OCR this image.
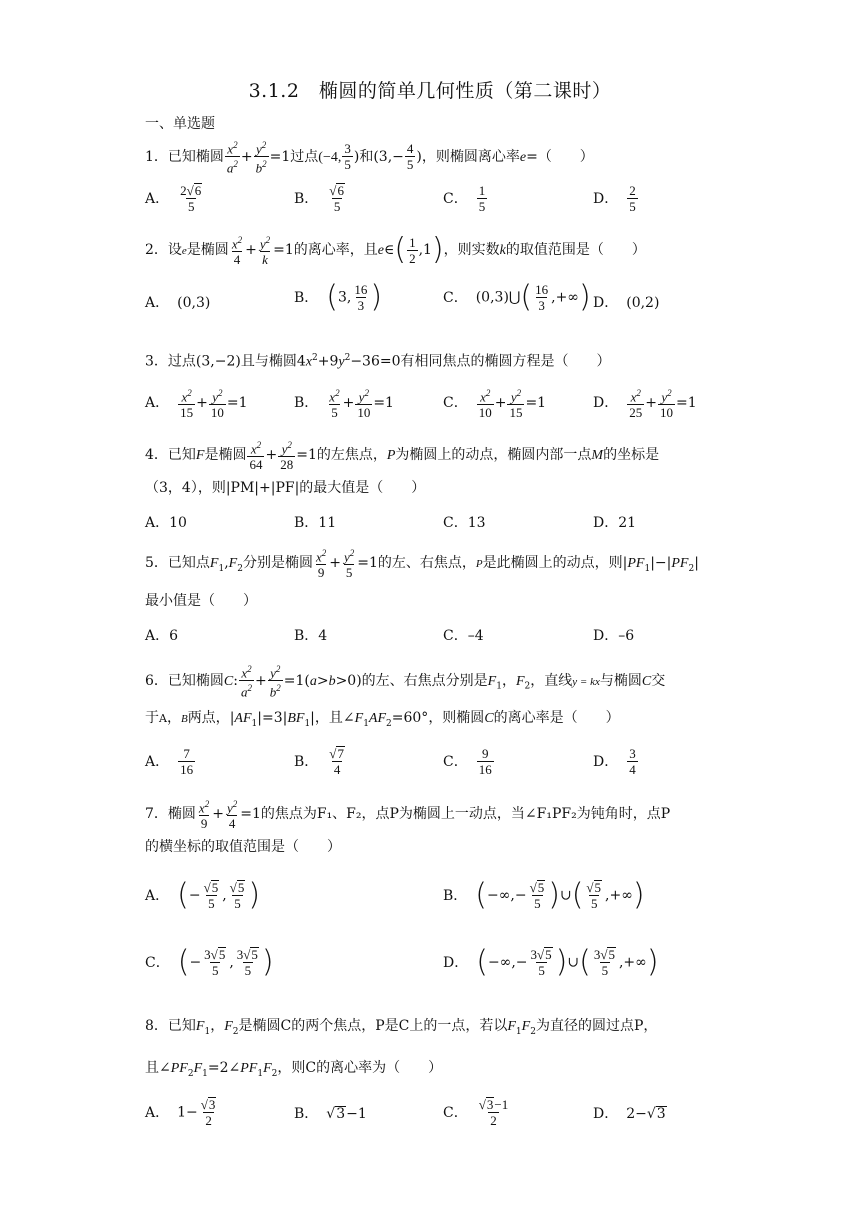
3.1.2　椭圆的简单几何性质（第二课时）
一、单选题
1．已知椭圆 $\frac{x^2}{a^2} + \frac{y^2}{b^2} =1$过点(−4, $\frac{3}{5}$ )和($3,- \frac{4}{5}$ )，则椭圆离心率e=（　　）
A． $\frac{2√6}{5}$	B． $\frac{√6}{5}$	C． $\frac{1}{5}$	D． $\frac{2}{5}$
2．设e是椭圆 $\frac{x^2}{4} + \frac{y^2}{k} =1$的离心率，且e∈( $\frac{1}{2} ,1$)，则实数k的取值范围是（　　）
A． (0,3)	B． (3, $\frac{16}{3}$ )	C． (0,3)⋃( $\frac{16}{3}$ ,+∞) D． (0,2)
3．过点(3,−2)且与椭圆$4x^2+9y^2-36=0$有相同焦点的椭圆方程是（　　）
A． $\frac{x^2}{15} + \frac{y^2}{10} =1$	B． $\frac{x^2}{5} + \frac{y^2}{10} =1$	C． $\frac{x^2}{10} + \frac{y^2}{15} =1$	D． $\frac{x^2}{25} + \frac{y^2}{10} =1$
4．已知F是椭圆 $\frac{x^2}{64} + \frac{y^2}{28} =1$的左焦点，P为椭圆上的动点，椭圆内部一点M的坐标是
（3，4），则|PM|+|PF|的最大值是（　　）
A．10	B．11	C．13	D．21
5．已知点$F_1,F_2$分别是椭圆 $\frac{x^2}{9} + \frac{y^2}{5} =1$的左、右焦点，P是此椭圆上的动点，则$|PF_1|-|PF_2|$
最小值是（　　）
A．6	B．4	C．–4	D．–6
6．已知椭圆C: $\frac{x^2}{a^2} + \frac{y^2}{b^2} =1(a>b>0)$的左、右焦点分别是$F_1$，$F_2$，直线y = kx与椭圆C交
于A，B两点，$|AF_1|=3|BF_1|$，且$\angle F_1AF_2=60^\circ$，则椭圆C的离心率是（　　）
A． $\frac{7}{16}$	B． $\frac{√7}{4}$	C． $\frac{9}{16}$	D． $\frac{3}{4}$
7．椭圆 $\frac{x^2}{9} + \frac{y^2}{4} =1$的焦点为F₁、F₂，点P为椭圆上一动点，当∠F₁PF₂为钝角时，点P
的横坐标的取值范围是（　　）
A． (− $\frac{√5}{5}$ , $\frac{√5}{5}$ )	B． (−∞,− $\frac{√5}{5}$ )∪( $\frac{√5}{5}$ ,+∞)
C． (− $\frac{3√5}{5}$ , $\frac{3√5}{5}$ )	D． (−∞,− $\frac{3√5}{5}$ )∪( $\frac{3√5}{5}$ ,+∞)
8．已知$F_1$，$F_2$是椭圆C的两个焦点，P是C上的一点，若以$F_1F_2$为直径的圆过点P，
且$\angle PF_2F_1=2\angle PF_1F_2$，则C的离心率为（　　）
A． $1- \frac{√3}{2}$	B． √3−1	C． $\frac{√3-1}{2}$	D． 2−√3
